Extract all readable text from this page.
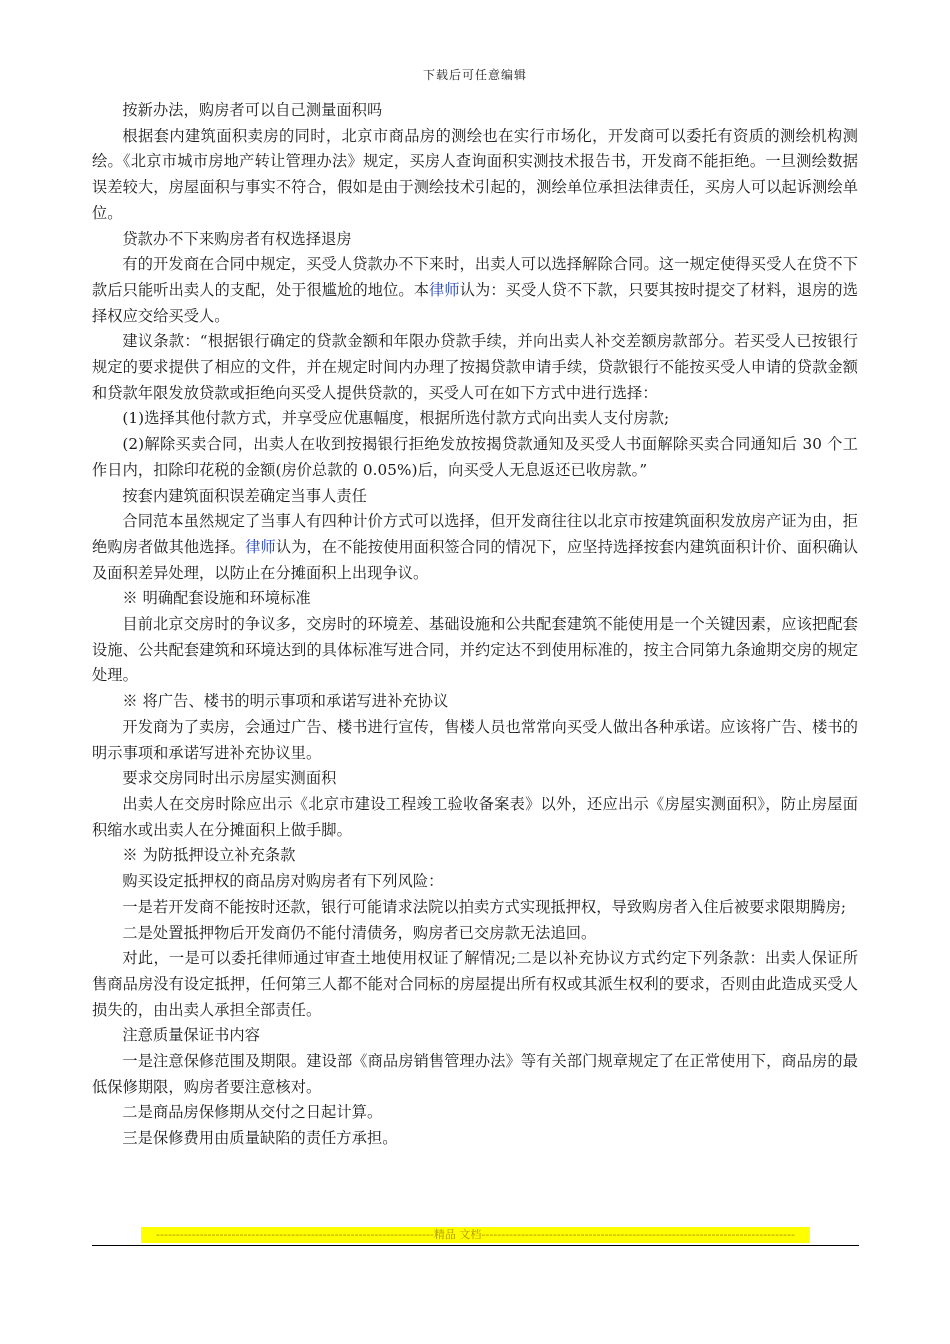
下载后可任意编辑

按新办法，购房者可以自己测量面积吗

根据套内建筑面积卖房的同时，北京市商品房的测绘也在实行市场化，开发商可以委托有资质的测绘机构测绘。《北京市城市房地产转让管理办法》规定，买房人查询面积实测技术报告书，开发商不能拒绝。一旦测绘数据误差较大，房屋面积与事实不符合，假如是由于测绘技术引起的，测绘单位承担法律责任，买房人可以起诉测绘单位。

贷款办不下来购房者有权选择退房

有的开发商在合同中规定，买受人贷款办不下来时，出卖人可以选择解除合同。这一规定使得买受人在贷不下款后只能听出卖人的支配，处于很尴尬的地位。本律师认为：买受人贷不下款，只要其按时提交了材料，退房的选择权应交给买受人。

建议条款：“根据银行确定的贷款金额和年限办贷款手续，并向出卖人补交差额房款部分。若买受人已按银行规定的要求提供了相应的文件，并在规定时间内办理了按揭贷款申请手续，贷款银行不能按买受人申请的贷款金额和贷款年限发放贷款或拒绝向买受人提供贷款的，买受人可在如下方式中进行选择：

(1)选择其他付款方式，并享受应优惠幅度，根据所选付款方式向出卖人支付房款;

(2)解除买卖合同，出卖人在收到按揭银行拒绝发放按揭贷款通知及买受人书面解除买卖合同通知后 30 个工作日内，扣除印花税的金额(房价总款的 0.05%)后，向买受人无息返还已收房款。”

按套内建筑面积误差确定当事人责任

合同范本虽然规定了当事人有四种计价方式可以选择，但开发商往往以北京市按建筑面积发放房产证为由，拒绝购房者做其他选择。律师认为，在不能按使用面积签合同的情况下，应坚持选择按套内建筑面积计价、面积确认及面积差异处理，以防止在分摊面积上出现争议。

※ 明确配套设施和环境标准

目前北京交房时的争议多，交房时的环境差、基础设施和公共配套建筑不能使用是一个关键因素，应该把配套设施、公共配套建筑和环境达到的具体标准写进合同，并约定达不到使用标准的，按主合同第九条逾期交房的规定处理。

※ 将广告、楼书的明示事项和承诺写进补充协议

开发商为了卖房，会通过广告、楼书进行宣传，售楼人员也常常向买受人做出各种承诺。应该将广告、楼书的明示事项和承诺写进补充协议里。

要求交房同时出示房屋实测面积

出卖人在交房时除应出示《北京市建设工程竣工验收备案表》以外，还应出示《房屋实测面积》，防止房屋面积缩水或出卖人在分摊面积上做手脚。

※ 为防抵押设立补充条款

购买设定抵押权的商品房对购房者有下列风险：

一是若开发商不能按时还款，银行可能请求法院以拍卖方式实现抵押权，导致购房者入住后被要求限期腾房;

二是处置抵押物后开发商仍不能付清债务，购房者已交房款无法追回。

对此，一是可以委托律师通过审查土地使用权证了解情况;二是以补充协议方式约定下列条款：出卖人保证所售商品房没有设定抵押，任何第三人都不能对合同标的房屋提出所有权或其派生权利的要求，否则由此造成买受人损失的，由出卖人承担全部责任。

注意质量保证书内容

一是注意保修范围及期限。建设部《商品房销售管理办法》等有关部门规章规定了在正常使用下，商品房的最低保修期限，购房者要注意核对。

二是商品房保修期从交付之日起计算。

三是保修费用由质量缺陷的责任方承担。

----------------------------------------------------------------------精品 文档-------------------------------------------------------------------------------
